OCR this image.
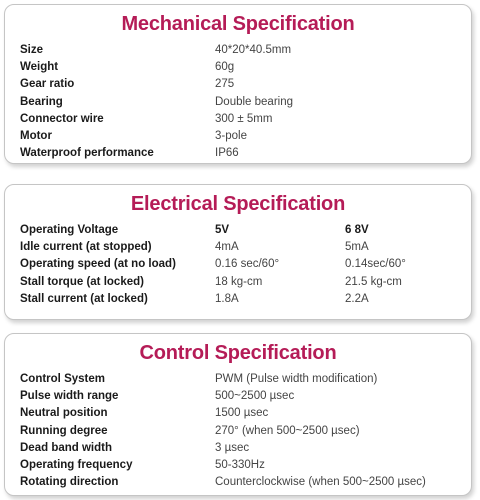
Mechanical Specification
Size	40*20*40.5mm
Weight	60g
Gear ratio	275
Bearing	Double bearing
Connector wire	300 ± 5mm
Motor	3-pole
Waterproof performance	IP66
Electrical Specification
Operating Voltage	5V	6 8V
Idle current (at stopped)	4mA	5mA
Operating speed (at no load)	0.16 sec/60°	0.14sec/60°
Stall torque (at locked)	18 kg-cm	21.5 kg-cm
Stall current (at locked)	1.8A	2.2A
Control Specification
Control System	PWM (Pulse width modification)
Pulse width range	500~2500 µsec
Neutral position	1500 µsec
Running degree	270° (when 500~2500 µsec)
Dead band width	3 µsec
Operating frequency	50-330Hz
Rotating direction	Counterclockwise (when 500~2500 µsec)
